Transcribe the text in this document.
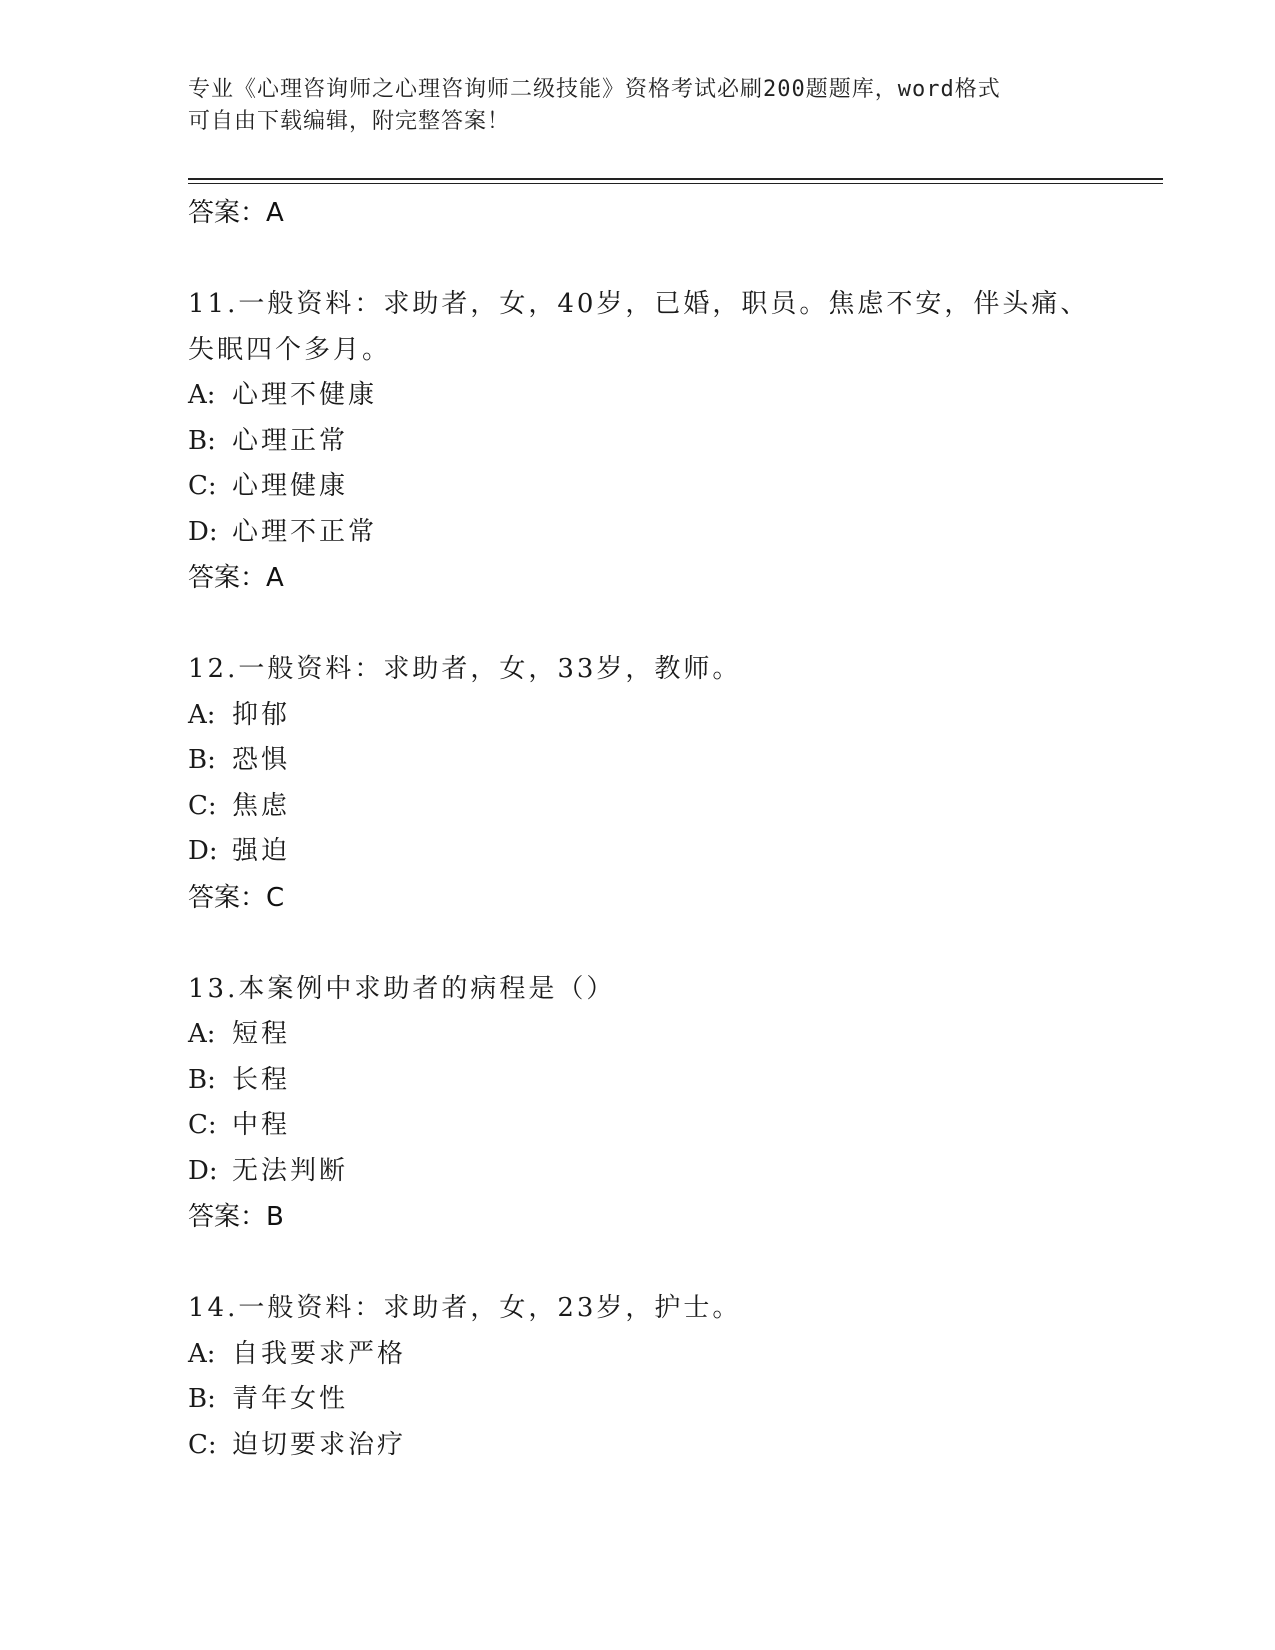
专业《心理咨询师之心理咨询师二级技能》资格考试必刷200题题库，word格式
可自由下载编辑，附完整答案！
答案：A
11.一般资料：求助者，女，40岁，已婚，职员。焦虑不安，伴头痛、
失眠四个多月。
A: 心理不健康
B: 心理正常
C: 心理健康
D: 心理不正常
答案：A
12.一般资料：求助者，女，33岁，教师。
A: 抑郁
B: 恐惧
C: 焦虑
D: 强迫
答案：C
13.本案例中求助者的病程是（）
A: 短程
B: 长程
C: 中程
D: 无法判断
答案：B
14.一般资料：求助者，女，23岁，护士。
A: 自我要求严格
B: 青年女性
C: 迫切要求治疗
